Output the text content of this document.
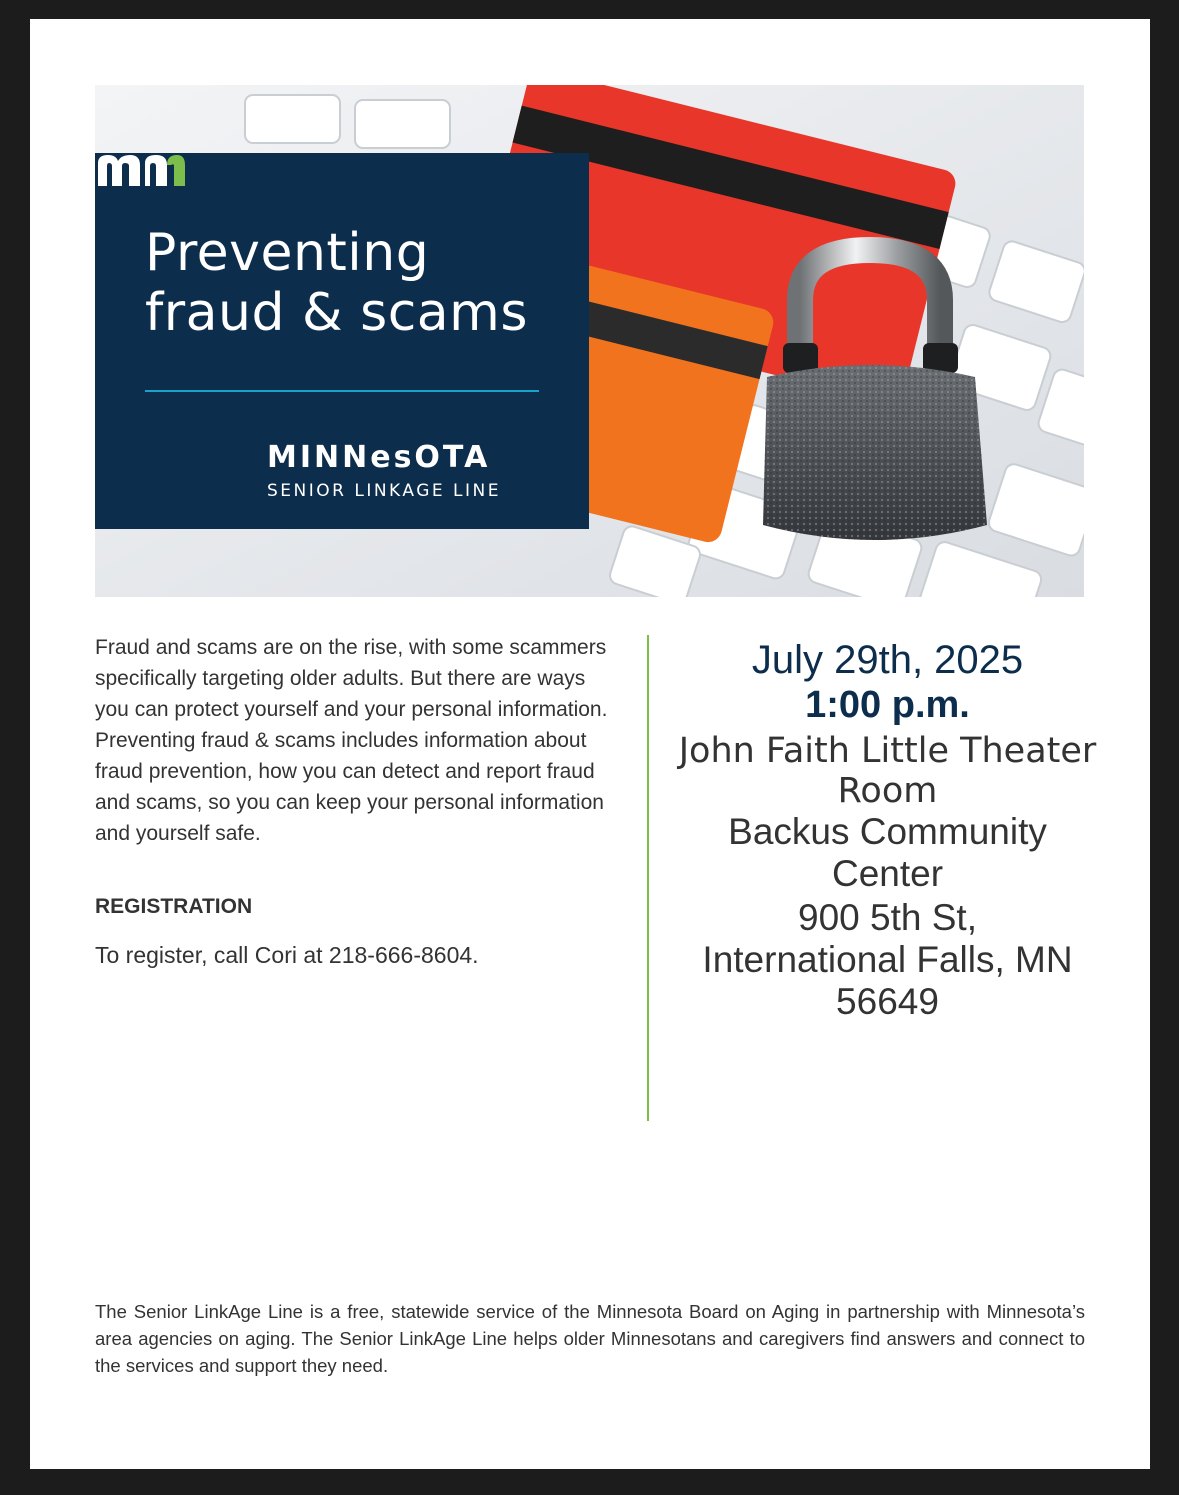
Preventing
fraud & scams
MINNesOTA
SENIOR LINKAGE LINE
Fraud and scams are on the rise, with some scammers specifically targeting older adults. But there are ways you can protect yourself and your personal information. Preventing fraud & scams includes information about fraud prevention, how you can detect and report fraud and scams, so you can keep your personal information and yourself safe.
REGISTRATION
To register, call Cori at 218-666-8604.
July 29th, 2025
1:00 p.m.
John Faith Little Theater
Room
Backus Community
Center
900 5th St,
International Falls, MN
56649
The Senior LinkAge Line is a free, statewide service of the Minnesota Board on Aging in partnership with Minnesota’s area agencies on aging. The Senior LinkAge Line helps older Minnesotans and caregivers find answers and connect to the services and support they need.
